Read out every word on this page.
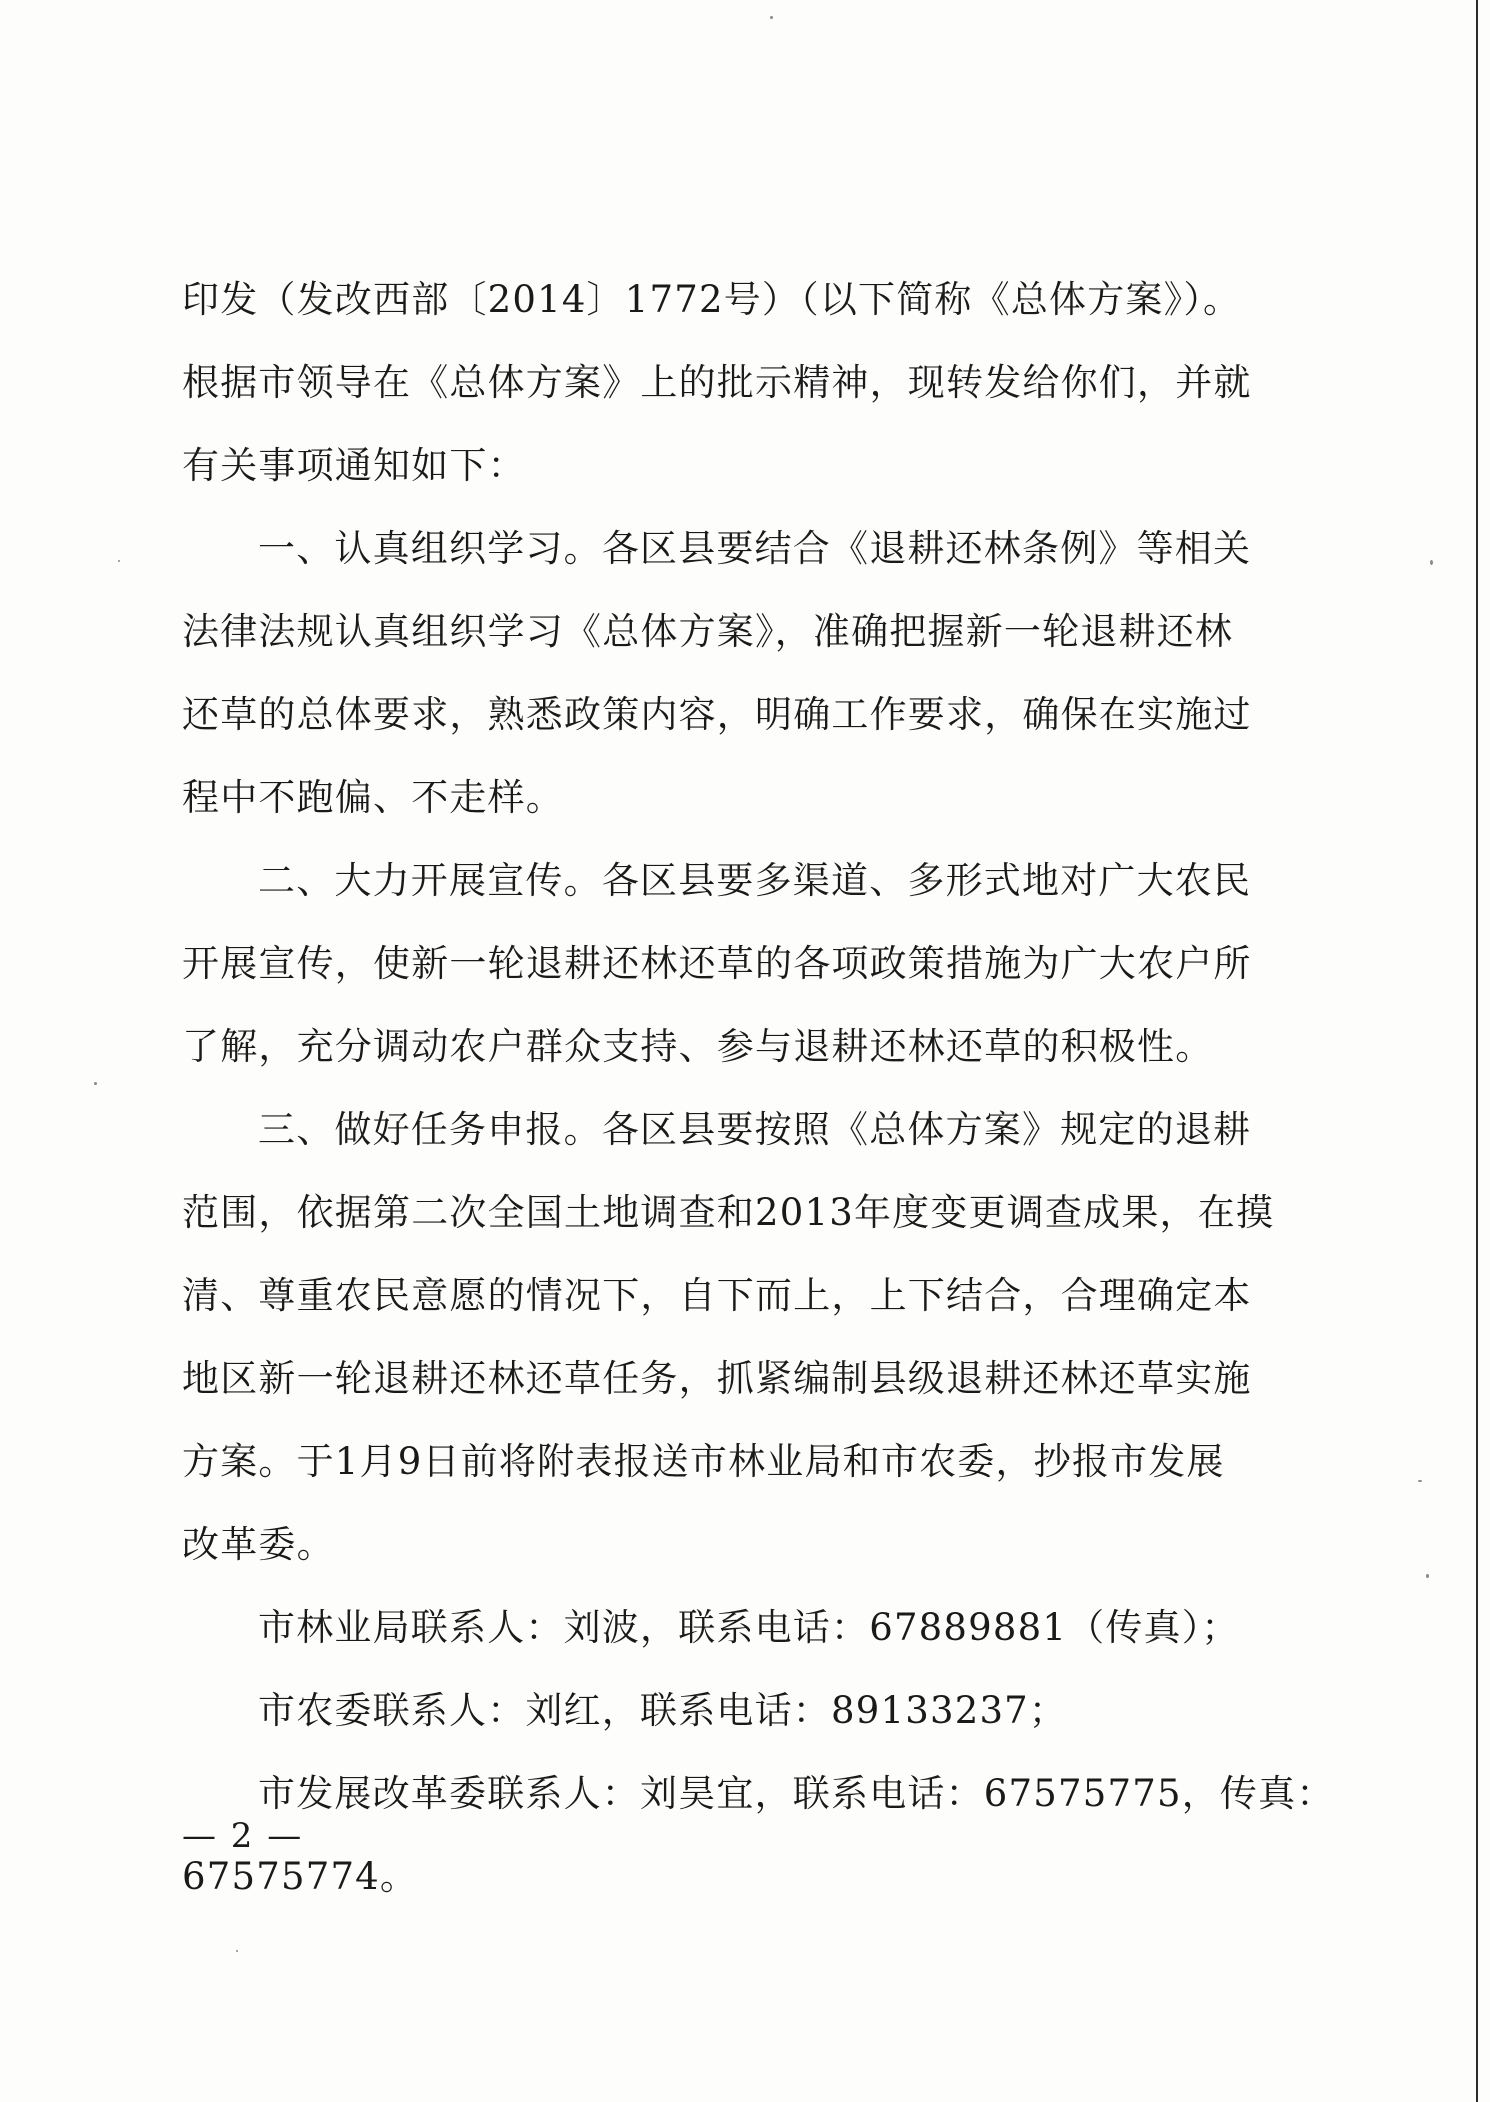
印发（发改西部〔2014〕1772号）（以下简称《总体方案》）。
根据市领导在《总体方案》上的批示精神，现转发给你们，并就
有关事项通知如下：
一、认真组织学习。各区县要结合《退耕还林条例》等相关
法律法规认真组织学习《总体方案》，准确把握新一轮退耕还林
还草的总体要求，熟悉政策内容，明确工作要求，确保在实施过
程中不跑偏、不走样。
二、大力开展宣传。各区县要多渠道、多形式地对广大农民
开展宣传，使新一轮退耕还林还草的各项政策措施为广大农户所
了解，充分调动农户群众支持、参与退耕还林还草的积极性。
三、做好任务申报。各区县要按照《总体方案》规定的退耕
范围，依据第二次全国土地调查和2013年度变更调查成果，在摸
清、尊重农民意愿的情况下，自下而上，上下结合，合理确定本
地区新一轮退耕还林还草任务，抓紧编制县级退耕还林还草实施
方案。于1月9日前将附表报送市林业局和市农委，抄报市发展
改革委。
市林业局联系人：刘波，联系电话：67889881（传真）；
市农委联系人：刘红，联系电话：89133237；
市发展改革委联系人：刘昊宜，联系电话：67575775，传真：
67575774。
— 2 —
